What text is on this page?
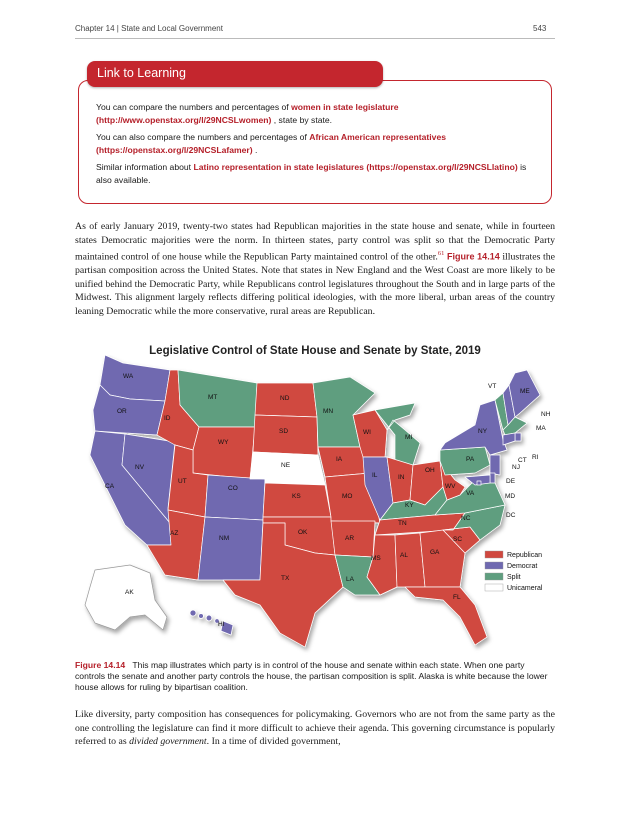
Chapter 14 | State and Local Government	543
Link to Learning

You can compare the numbers and percentages of women in state legislature (http://www.openstax.org/l/29NCSLwomen) , state by state.

You can also compare the numbers and percentages of African American representatives (https://openstax.org/l/29NCSLafamer) .

Similar information about Latino representation in state legislatures (https://openstax.org/l/29NCSLlatino) is also available.

As of early January 2019, twenty-two states had Republican majorities in the state house and senate, while in fourteen states Democratic majorities were the norm. In thirteen states, party control was split so that the Democratic Party maintained control of one house while the Republican Party maintained control of the other.$^{61}$ Figure 14.14 illustrates the partisan composition across the United States. Note that states in New England and the West Coast are more likely to be unified behind the Democratic Party, while Republicans control legislatures throughout the South and in large parts of the Midwest. This alignment largely reflects differing political ideologies, with the more liberal, urban areas of the country leaning Democratic while the more conservative, rural areas are Republican.

Legislative Control of State House and Senate by State, 2019
WA
OR
CA
NV
ID
MT
WY
UT
AZ
CO
NM
ND
SD
NE
KS
OK
TX
MN
IA
MO
AR
LA
WI
IL
MI
IN
OH
KY
TN
MS	AL	GA
FL
SC
NC
VA
WV
PA
NY
VT
NH
ME
MA
RI
CT
NJ
DE
MD
DC
AK
HI
Republican
Democrat
Split
Unicameral

Figure 14.14 This map illustrates which party is in control of the house and senate within each state. When one party controls the senate and another party controls the house, the partisan composition is split. Alaska is white because the lower house allows for ruling by bipartisan coalition.

Like diversity, party composition has consequences for policymaking. Governors who are not from the same party as the one controlling the legislature can find it more difficult to achieve their agenda. This governing circumstance is popularly referred to as divided government. In a time of divided government,
